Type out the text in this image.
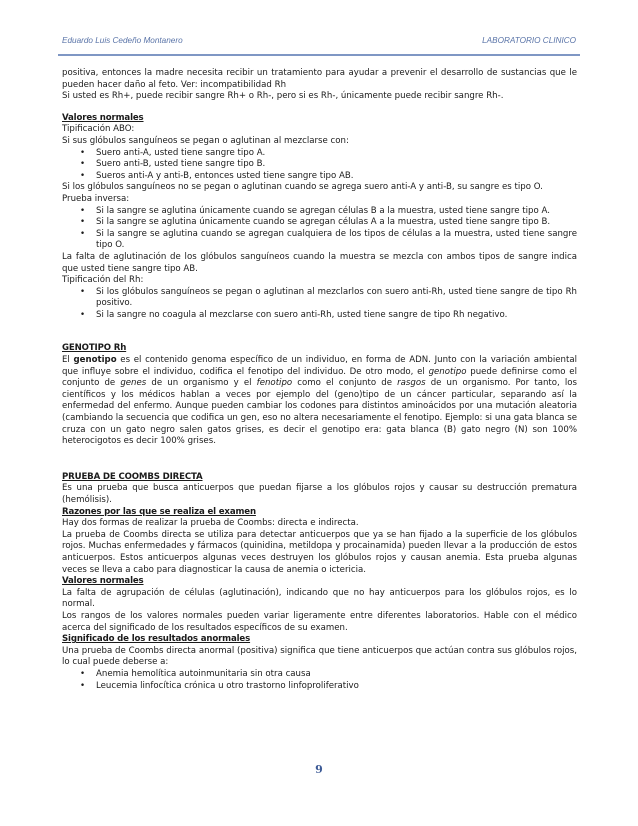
Eduardo Luis Cedeño Montanero	LABORATORIO CLINICO

positiva, entonces la madre necesita recibir un tratamiento para ayudar a prevenir el desarrollo de sustancias que le pueden hacer daño al feto. Ver: incompatibilidad Rh

Si usted es Rh+, puede recibir sangre Rh+ o Rh-, pero si es Rh-, únicamente puede recibir sangre Rh-.

Valores normales

Tipificación ABO:

Si sus glóbulos sanguíneos se pegan o aglutinan al mezclarse con:

• Suero anti-A, usted tiene sangre tipo A.
• Suero anti-B, usted tiene sangre tipo B.
• Sueros anti-A y anti-B, entonces usted tiene sangre tipo AB.

Si los glóbulos sanguíneos no se pegan o aglutinan cuando se agrega suero anti-A y anti-B, su sangre es tipo O.

Prueba inversa:

• Si la sangre se aglutina únicamente cuando se agregan células B a la muestra, usted tiene sangre tipo A.
• Si la sangre se aglutina únicamente cuando se agregan células A a la muestra, usted tiene sangre tipo B.
• Si la sangre se aglutina cuando se agregan cualquiera de los tipos de células a la muestra, usted tiene sangre tipo O.

La falta de aglutinación de los glóbulos sanguíneos cuando la muestra se mezcla con ambos tipos de sangre indica que usted tiene sangre tipo AB.

Tipificación del Rh:

• Si los glóbulos sanguíneos se pegan o aglutinan al mezclarlos con suero anti-Rh, usted tiene sangre de tipo Rh positivo.
• Si la sangre no coagula al mezclarse con suero anti-Rh, usted tiene sangre de tipo Rh negativo.

GENOTIPO Rh

El genotipo es el contenido genoma específico de un individuo, en forma de ADN. Junto con la variación ambiental que influye sobre el individuo, codifica el fenotipo del individuo. De otro modo, el genotipo puede definirse como el conjunto de genes de un organismo y el fenotipo como el conjunto de rasgos de un organismo. Por tanto, los científicos y los médicos hablan a veces por ejemplo del (geno)tipo de un cáncer particular, separando así la enfermedad del enfermo. Aunque pueden cambiar los codones para distintos aminoácidos por una mutación aleatoria (cambiando la secuencia que codifica un gen, eso no altera necesariamente el fenotipo. Ejemplo: si una gata blanca se cruza con un gato negro salen gatos grises, es decir el genotipo era: gata blanca (B) gato negro (N) son 100% heterocigotos es decir 100% grises.

PRUEBA DE COOMBS DIRECTA

Es una prueba que busca anticuerpos que puedan fijarse a los glóbulos rojos y causar su destrucción prematura (hemólisis).

Razones por las que se realiza el examen

Hay dos formas de realizar la prueba de Coombs: directa e indirecta.

La prueba de Coombs directa se utiliza para detectar anticuerpos que ya se han fijado a la superficie de los glóbulos rojos. Muchas enfermedades y fármacos (quinidina, metildopa y procainamida) pueden llevar a la producción de estos anticuerpos. Estos anticuerpos algunas veces destruyen los glóbulos rojos y causan anemia. Esta prueba algunas veces se lleva a cabo para diagnosticar la causa de anemia o ictericia.

Valores normales

La falta de agrupación de células (aglutinación), indicando que no hay anticuerpos para los glóbulos rojos, es lo normal.

Los rangos de los valores normales pueden variar ligeramente entre diferentes laboratorios. Hable con el médico acerca del significado de los resultados específicos de su examen.

Significado de los resultados anormales

Una prueba de Coombs directa anormal (positiva) significa que tiene anticuerpos que actúan contra sus glóbulos rojos, lo cual puede deberse a:

• Anemia hemolítica autoinmunitaria sin otra causa
• Leucemia linfocítica crónica u otro trastorno linfoproliferativo
9
